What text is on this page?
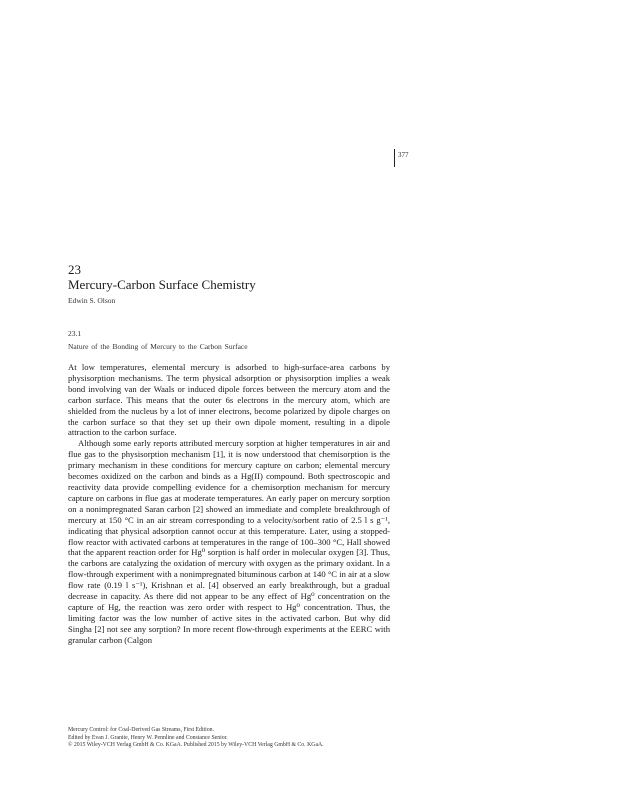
377
23
Mercury-Carbon Surface Chemistry
Edwin S. Olson
23.1
Nature of the Bonding of Mercury to the Carbon Surface

At low temperatures, elemental mercury is adsorbed to high-surface-area carbons by physisorption mechanisms. The term physical adsorption or physisorption implies a weak bond involving van der Waals or induced dipole forces between the mercury atom and the carbon surface. This means that the outer 6s electrons in the mercury atom, which are shielded from the nucleus by a lot of inner electrons, become polarized by dipole charges on the carbon surface so that they set up their own dipole moment, resulting in a dipole attraction to the carbon surface.

Although some early reports attributed mercury sorption at higher temperatures in air and flue gas to the physisorption mechanism [1], it is now understood that chemisorption is the primary mechanism in these conditions for mercury capture on carbon; elemental mercury becomes oxidized on the carbon and binds as a Hg(II) compound. Both spectroscopic and reactivity data provide compelling evidence for a chemisorption mechanism for mercury capture on carbons in flue gas at moderate temperatures. An early paper on mercury sorption on a nonimpregnated Saran carbon [2] showed an immediate and complete breakthrough of mercury at 150 °C in an air stream corresponding to a velocity/sorbent ratio of 2.5 l s g⁻¹, indicating that physical adsorption cannot occur at this temperature. Later, using a stopped-flow reactor with activated carbons at temperatures in the range of 100–300 °C, Hall showed that the apparent reaction order for Hg⁰ sorption is half order in molecular oxygen [3]. Thus, the carbons are catalyzing the oxidation of mercury with oxygen as the primary oxidant. In a flow-through experiment with a nonimpregnated bituminous carbon at 140 °C in air at a slow flow rate (0.19 l s⁻¹), Krishnan et al. [4] observed an early breakthrough, but a gradual decrease in capacity. As there did not appear to be any effect of Hg⁰ concentration on the capture of Hg, the reaction was zero order with respect to Hg⁰ concentration. Thus, the limiting factor was the low number of active sites in the activated carbon. But why did Singha [2] not see any sorption? In more recent flow-through experiments at the EERC with granular carbon (Calgon

Mercury Control: for Coal-Derived Gas Streams, First Edition.
Edited by Evan J. Granite, Henry W. Pennline and Constance Senior.
© 2015 Wiley-VCH Verlag GmbH & Co. KGaA. Published 2015 by Wiley-VCH Verlag GmbH & Co. KGaA.
